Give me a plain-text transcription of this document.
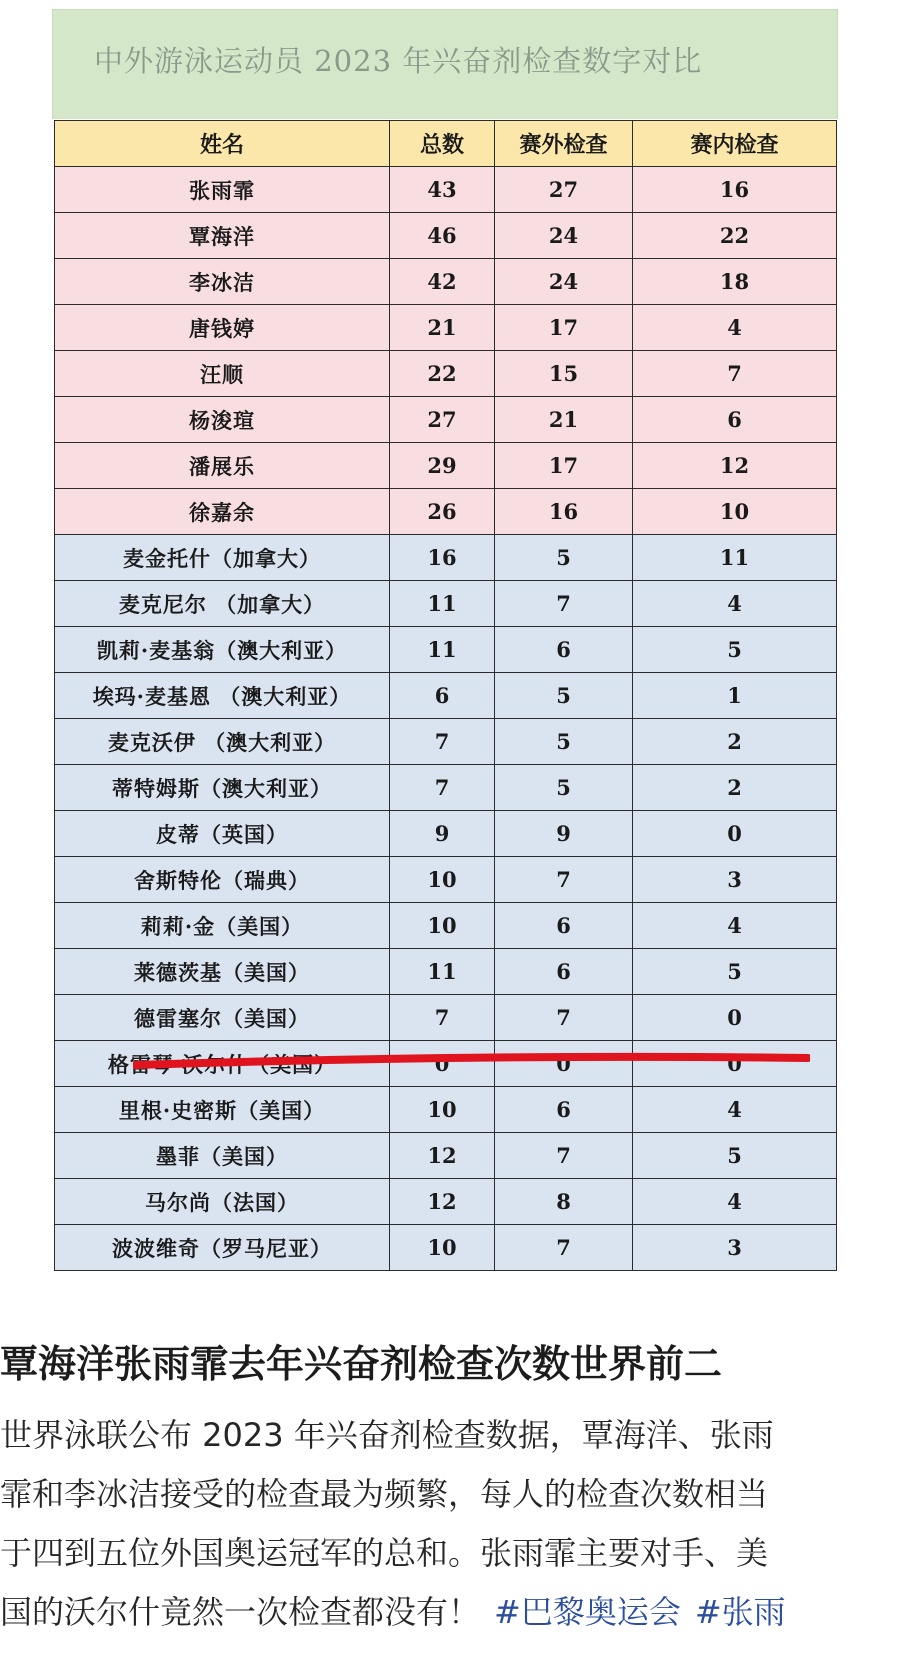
中外游泳运动员 2023 年兴奋剂检查数字对比
姓名	总数	赛外检查	赛内检查
张雨霏	43	27	16
覃海洋	46	24	22
李冰洁	42	24	18
唐钱婷	21	17	4
汪顺	22	15	7
杨浚瑄	27	21	6
潘展乐	29	17	12
徐嘉余	26	16	10
麦金托什（加拿大）	16	5	11
麦克尼尔 （加拿大）	11	7	4
凯莉·麦基翁（澳大利亚）	11	6	5
埃玛·麦基恩 （澳大利亚）	6	5	1
麦克沃伊 （澳大利亚）	7	5	2
蒂特姆斯（澳大利亚）	7	5	2
皮蒂（英国）	9	9	0
舍斯特伦（瑞典）	10	7	3
莉莉·金（美国）	10	6	4
莱德茨基（美国）	11	6	5
德雷塞尔（美国）	7	7	0
格雷琴·沃尔什（美国）	0	0	0
里根·史密斯（美国）	10	6	4
墨菲（美国）	12	7	5
马尔尚（法国）	12	8	4
波波维奇（罗马尼亚）	10	7	3
覃海洋张雨霏去年兴奋剂检查次数世界前二
世界泳联公布 2023 年兴奋剂检查数据，覃海洋、张雨
霏和李冰洁接受的检查最为频繁，每人的检查次数相当
于四到五位外国奥运冠军的总和。张雨霏主要对手、美
国的沃尔什竟然一次检查都没有！ #巴黎奥运会 #张雨
